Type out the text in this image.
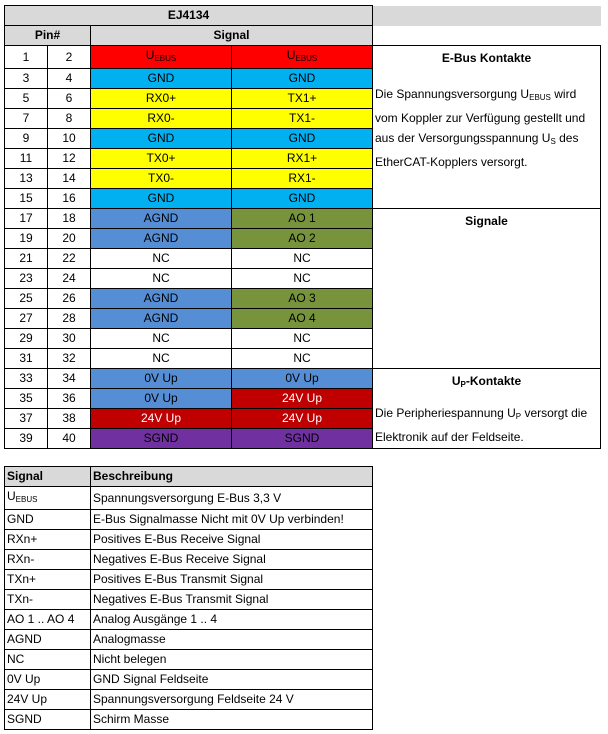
EJ4134				
Pin#		Signal		
1	2	$U_{EBUS}$	$U_{EBUS}$	E-Bus Kontakte
Die Spannungsversorgung $U_{EBUS}$ wird vom Koppler zur Verfügung gestellt und aus der Versorgungsspannung $U_S$ des EtherCAT-Kopplers versorgt.
3	4	GND	GND	
5	6	RX0+	TX1+	
7	8	RX0-	TX1-	
9	10	GND	GND	
11	12	TX0+	RX1+	
13	14	TX0-	RX1-	
15	16	GND	GND	
17	18	AGND	AO 1	Signale

19	20	AGND	AO 2	
21	22	NC	NC	
23	24	NC	NC	
25	26	AGND	AO 3	
27	28	AGND	AO 4	
29	30	NC	NC	
31	32	NC	NC	
33	34	0V Up	0V Up	$U_P$-Kontakte
Die Peripheriespannung $U_P$ versorgt die Elektronik auf der Feldseite.
35	36	0V Up	24V Up	
37	38	24V Up	24V Up	
39	40	SGND	SGND	
Signal	Beschreibung
$U_{EBUS}$	Spannungsversorgung E-Bus 3,3 V
GND	E-Bus Signalmasse Nicht mit 0V Up verbinden!
RXn+	Positives E-Bus Receive Signal
RXn-	Negatives E-Bus Receive Signal
TXn+	Positives E-Bus Transmit Signal
TXn-	Negatives E-Bus Transmit Signal
AO 1 .. AO 4	Analog Ausgänge 1 .. 4
AGND	Analogmasse
NC	Nicht belegen
0V Up	GND Signal Feldseite
24V Up	Spannungsversorgung Feldseite 24 V
SGND	Schirm Masse
